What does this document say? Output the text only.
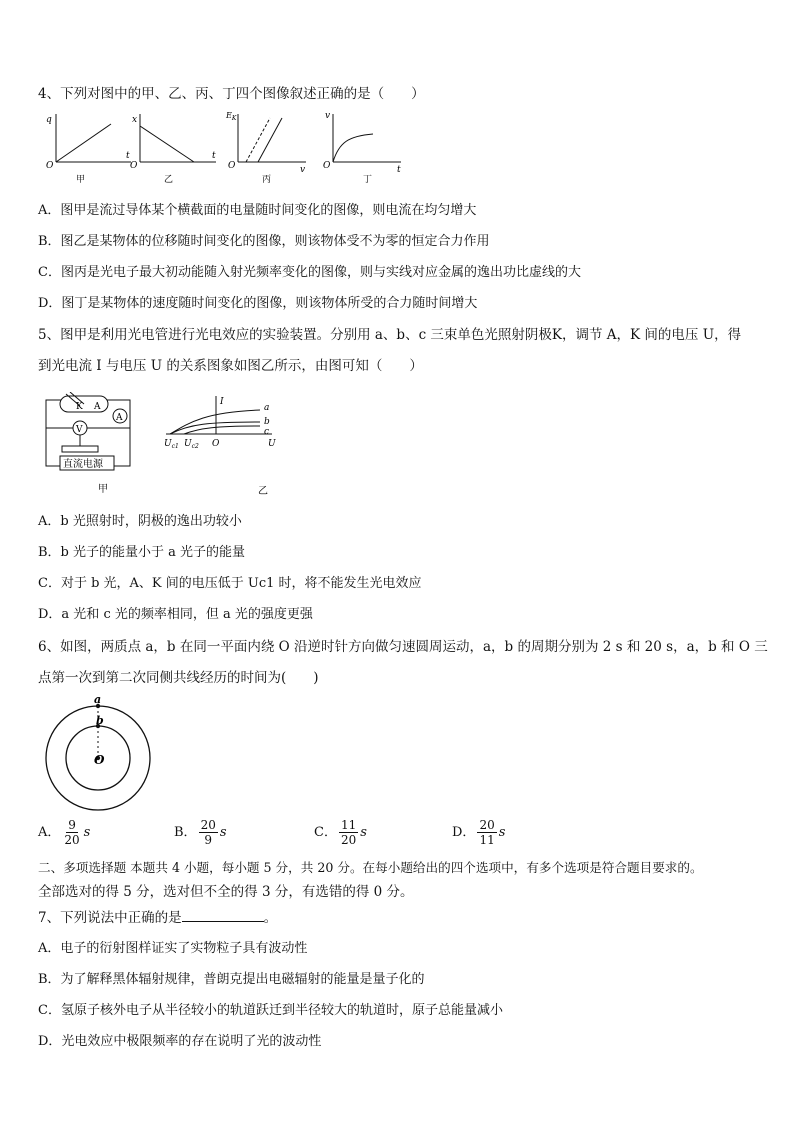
4、下列对图中的甲、乙、丙、丁四个图像叙述正确的是（　　）
q
O
t
甲
x
O
t
乙
$E_K$
O	v
丙
v
O	t
丁
A．图甲是流过导体某个横截面的电量随时间变化的图像，则电流在均匀增大
B．图乙是某物体的位移随时间变化的图像，则该物体受不为零的恒定合力作用
C．图丙是光电子最大初动能随入射光频率变化的图像，则与实线对应金属的逸出功比虚线的大
D．图丁是某物体的速度随时间变化的图像，则该物体所受的合力随时间增大
5、图甲是利用光电管进行光电效应的实验装置。分别用 a、b、c 三束单色光照射阴极K，调节 A，K 间的电压 U，得
到光电流 I 与电压 U 的关系图象如图乙所示，由图可知（　　）
K A
A
V
直流电源
甲
I
a
b
c
$U_{c1}$ $U_{c2}$ O	U
乙
A．b 光照射时，阴极的逸出功较小
B．b 光子的能量小于 a 光子的能量
C．对于 b 光，A、K 间的电压低于 Uc1 时，将不能发生光电效应
D．a 光和 c 光的频率相同，但 a 光的强度更强
6、如图，两质点 a，b 在同一平面内绕 O 沿逆时针方向做匀速圆周运动，a，b 的周期分别为 2 s 和 20 s，a，b 和 O 三
点第一次到第二次同侧共线经历的时间为(　　)
a
b
O
A． $\frac{9}{20}$ s	B． $\frac{20}{9}$ s	C． $\frac{11}{20}$ s	D． $\frac{20}{11}$ s
二、多项选择题 本题共 4 小题，每小题 5 分，共 20 分。在每小题给出的四个选项中，有多个选项是符合题目要求的。
全部选对的得 5 分，选对但不全的得 3 分，有选错的得 0 分。
7、下列说法中正确的是	。
A．电子的衍射图样证实了实物粒子具有波动性
B．为了解释黑体辐射规律，普朗克提出电磁辐射的能量是量子化的
C．氢原子核外电子从半径较小的轨道跃迁到半径较大的轨道时，原子总能量减小
D．光电效应中极限频率的存在说明了光的波动性
